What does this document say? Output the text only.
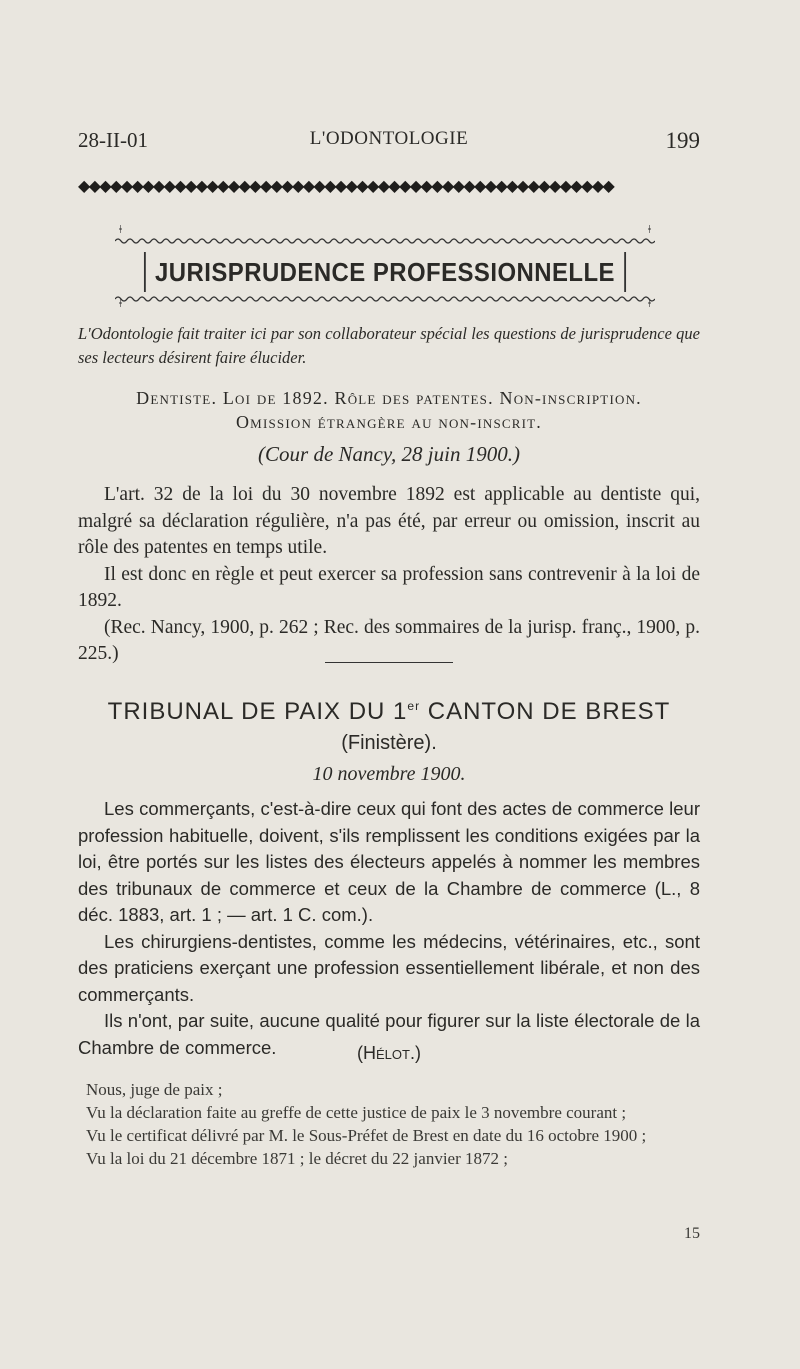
28-II-01	L'ODONTOLOGIE	199
◆◆◆◆◆◆◆◆◆◆◆◆◆◆◆◆◆◆◆◆◆◆◆◆◆◆◆◆◆◆◆◆◆◆◆◆◆◆◆◆◆◆◆◆◆◆◆◆◆◆
ǂ	ǂ
JURISPRUDENCE PROFESSIONNELLE
ǂ	ǂ
L'Odontologie fait traiter ici par son collaborateur spécial les questions de jurisprudence que ses lecteurs désirent faire élucider.
Dentiste. Loi de 1892. Rôle des patentes. Non-inscription.
Omission étrangère au non-inscrit.
(Cour de Nancy, 28 juin 1900.)

L'art. 32 de la loi du 30 novembre 1892 est applicable au dentiste qui, malgré sa déclaration régulière, n'a pas été, par erreur ou omission, inscrit au rôle des patentes en temps utile.

Il est donc en règle et peut exercer sa profession sans contrevenir à la loi de 1892.

(Rec. Nancy, 1900, p. 262 ; Rec. des sommaires de la jurisp. franç., 1900, p. 225.)

TRIBUNAL DE PAIX DU 1er CANTON DE BREST
(Finistère).
10 novembre 1900.

Les commerçants, c'est-à-dire ceux qui font des actes de commerce leur profession habituelle, doivent, s'ils remplissent les conditions exigées par la loi, être portés sur les listes des électeurs appelés à nommer les membres des tribunaux de commerce et ceux de la Chambre de commerce (L., 8 déc. 1883, art. 1 ; — art. 1 C. com.).

Les chirurgiens-dentistes, comme les médecins, vétérinaires, etc., sont des praticiens exerçant une profession essentiellement libérale, et non des commerçants.

Ils n'ont, par suite, aucune qualité pour figurer sur la liste électorale de la Chambre de commerce.	(Hélot.)

Nous, juge de paix ;

Vu la déclaration faite au greffe de cette justice de paix le 3 novembre courant ;

Vu le certificat délivré par M. le Sous-Préfet de Brest en date du 16 octobre 1900 ;

Vu la loi du 21 décembre 1871 ; le décret du 22 janvier 1872 ;

15
